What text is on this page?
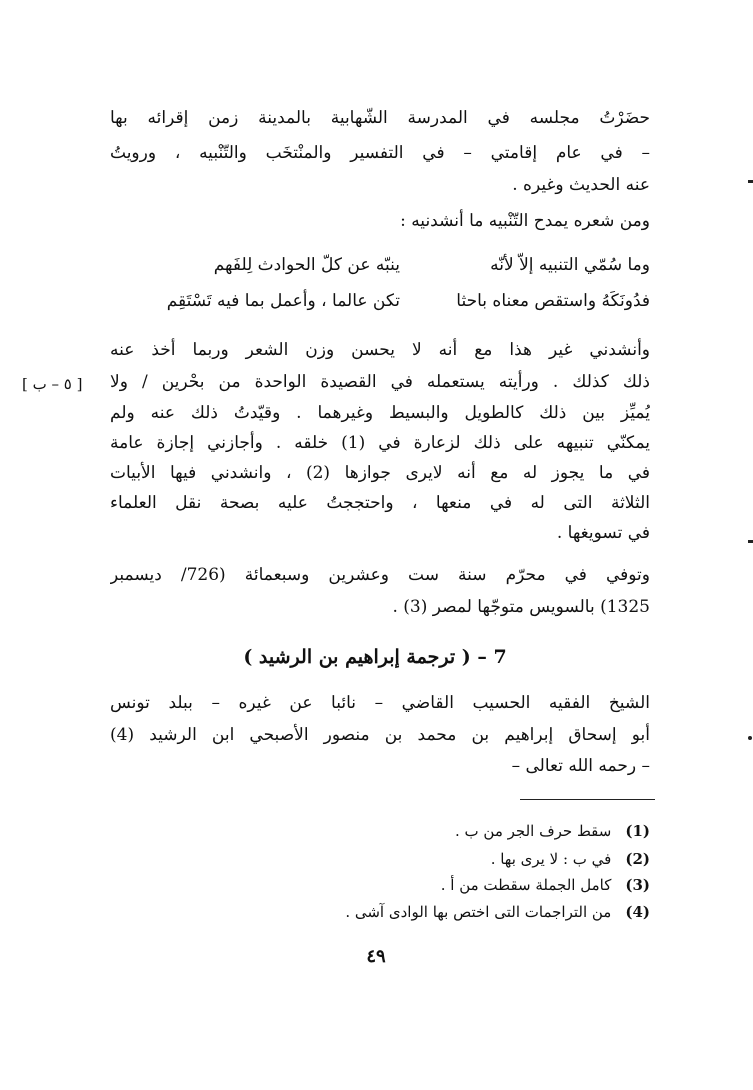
حضَرْتُ مجلسه في المدرسة الشّهابية بالمدينة زمن إقرائه بها
– في عام إقامتي – في التفسير والمنْتخَب والتّنْبيه ، ورويتُ
عنه الحديث وغيره .
ومن شعره يمدح التّنْبيه ما أنشدنيه :
وما سُمّي التنبيه إلاّ لأنّه
ينبّه عن كلّ الحوادث لِلفَهم
فدُونَكَهُ واستقص معناه باحثا
تكن عالما ، وأعمل بما فيه تَسْتَقِم
وأنشدني غير هذا مع أنه لا يحسن وزن الشعر وربما أخذ عنه
ذلك كذلك . ورأيته يستعمله في القصيدة الواحدة من بحْرين / ولا
يُميِّز بين ذلك كالطويل والبسيط وغيرهما . وقيّدتُ ذلك عنه ولم
يمكنّي تنبيهه على ذلك لزعارة في (1) خلقه . وأجازني إجازة عامة
في ما يجوز له مع أنه لايرى جوازها (2) ، وانشدني فيها الأبيات
الثلاثة التى له في منعها ، واحتججتُ عليه بصحة نقل العلماء
في تسويغها .
[ ٥ – ب ]
وتوفي في محرّم سنة ست وعشرين وسبعمائة (726/ ديسمبر
1325) بالسويس متوجّها لمصر (3) .
7 – ( ترجمة إبراهيم بن الرشيد )
الشيخ الفقيه الحسيب القاضي – نائبا عن غيره – ببلد تونس
أبو إسحاق إبراهيم بن محمد بن منصور الأصبحي ابن الرشيد (4)
– رحمه الله تعالى –
(1)سقط حرف الجر من ب .
(2)في ب : لا يرى بها .
(3)كامل الجملة سقطت من أ .
(4)من التراجمات التى اختص بها الوادى آشى .
٤٩
